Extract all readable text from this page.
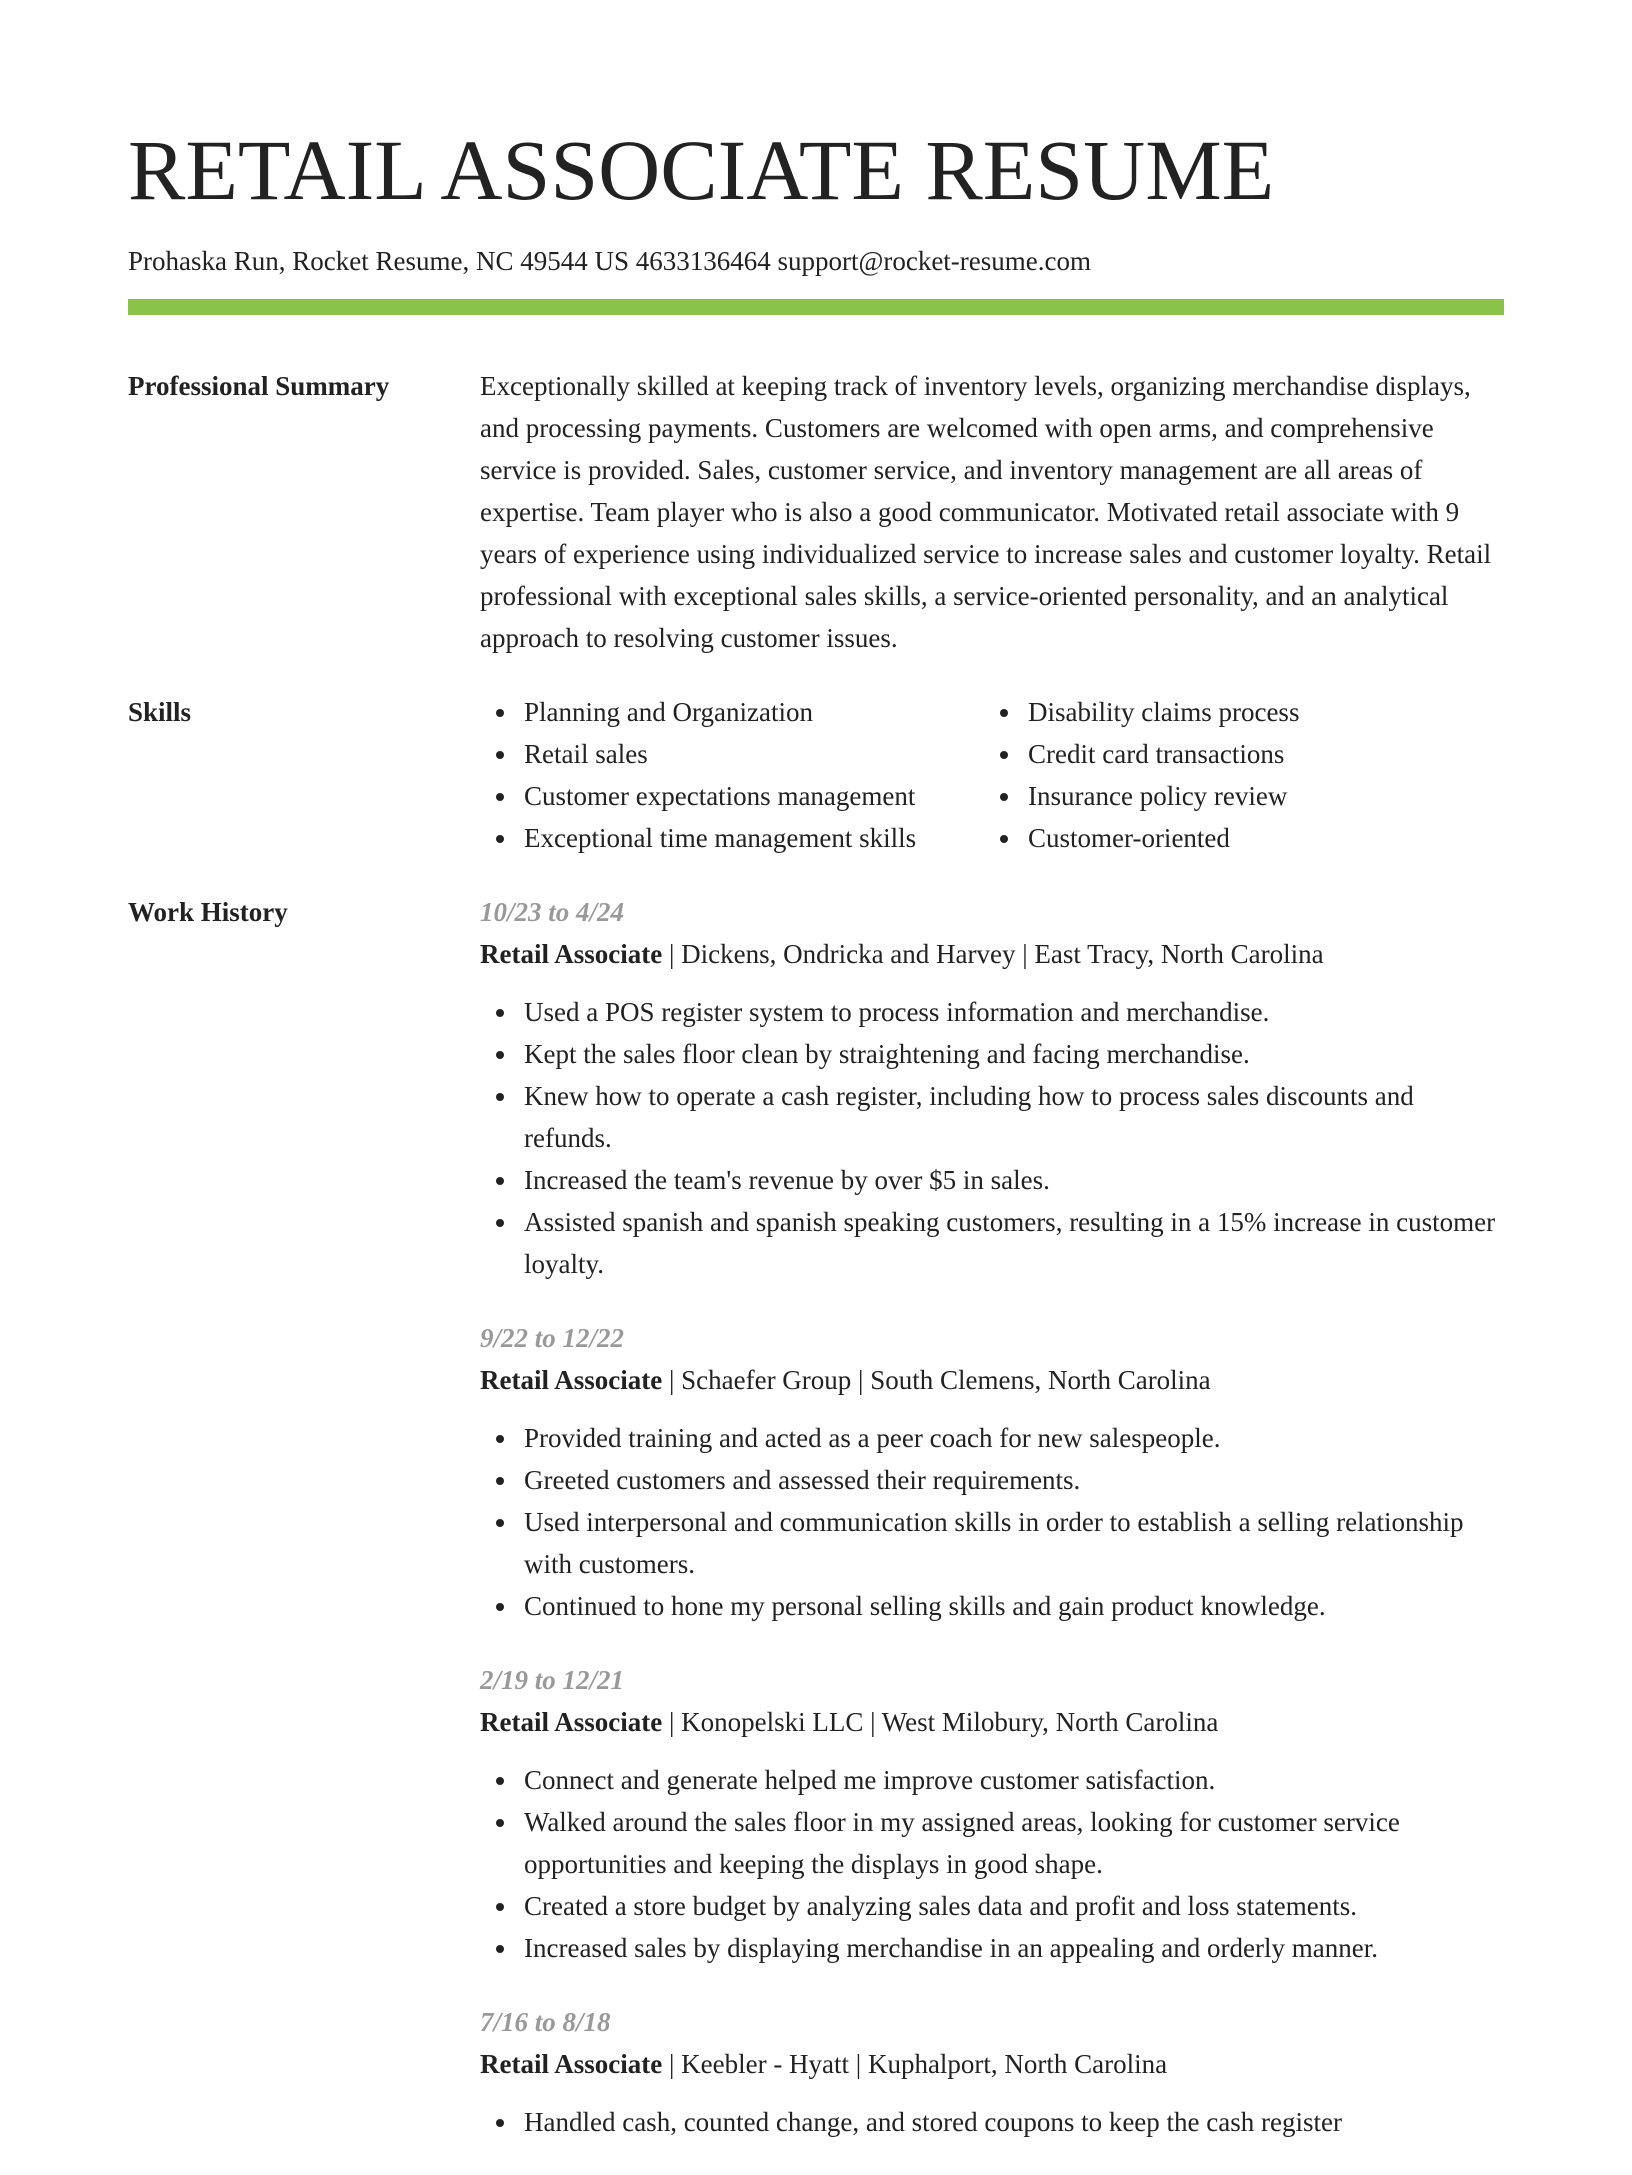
RETAIL ASSOCIATE RESUME
Prohaska Run, Rocket Resume, NC 49544 US 4633136464 support@rocket-resume.com
Professional Summary	Exceptionally skilled at keeping track of inventory levels, organizing merchandise displays, and processing payments. Customers are welcomed with open arms, and comprehensive service is provided. Sales, customer service, and inventory management are all areas of expertise. Team player who is also a good communicator. Motivated retail associate with 9 years of experience using individualized service to increase sales and customer loyalty. Retail professional with exceptional sales skills, a service-oriented personality, and an analytical approach to resolving customer issues.
Skills	Planning and Organization
Retail sales
Customer expectations management
Exceptional time management skills
Disability claims process
Credit card transactions
Insurance policy review
Customer-oriented
Work History	10/23 to 4/24
Retail Associate | Dickens, Ondricka and Harvey | East Tracy, North Carolina
Used a POS register system to process information and merchandise.
Kept the sales floor clean by straightening and facing merchandise.
Knew how to operate a cash register, including how to process sales discounts and refunds.
Increased the team's revenue by over $5 in sales.
Assisted spanish and spanish speaking customers, resulting in a 15% increase in customer loyalty.
9/22 to 12/22
Retail Associate | Schaefer Group | South Clemens, North Carolina
Provided training and acted as a peer coach for new salespeople.
Greeted customers and assessed their requirements.
Used interpersonal and communication skills in order to establish a selling relationship with customers.
Continued to hone my personal selling skills and gain product knowledge.
2/19 to 12/21
Retail Associate | Konopelski LLC | West Milobury, North Carolina
Connect and generate helped me improve customer satisfaction.
Walked around the sales floor in my assigned areas, looking for customer service opportunities and keeping the displays in good shape.
Created a store budget by analyzing sales data and profit and loss statements.
Increased sales by displaying merchandise in an appealing and orderly manner.
7/16 to 8/18
Retail Associate | Keebler - Hyatt | Kuphalport, North Carolina
Handled cash, counted change, and stored coupons to keep the cash register
